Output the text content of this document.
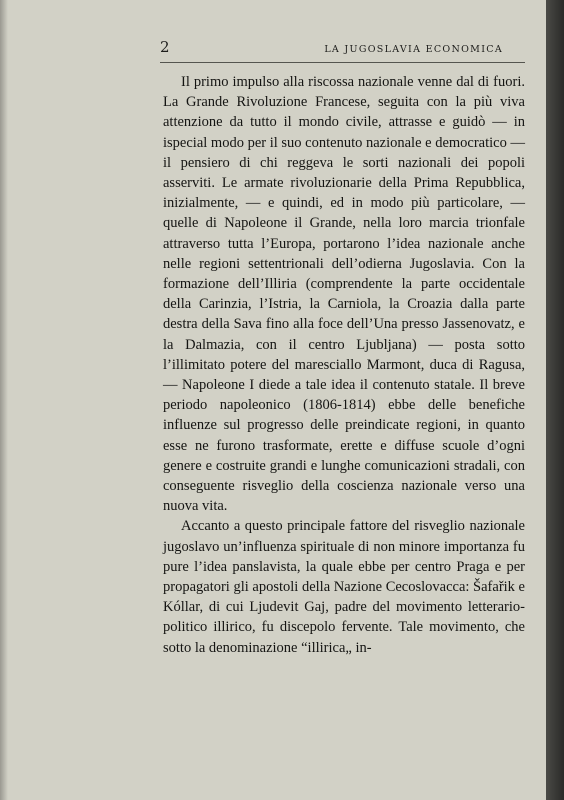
2	LA JUGOSLAVIA ECONOMICA

Il primo impulso alla riscossa nazionale venne dal di fuori. La Grande Rivoluzione Francese, seguita con la più viva attenzione da tutto il mondo civile, attrasse e guidò — in ispecial modo per il suo contenuto nazionale e democratico — il pensiero di chi reggeva le sorti nazionali dei popoli asserviti. Le armate rivoluzionarie della Prima Repubblica, inizialmente, — e quindi, ed in modo più particolare, — quelle di Napoleone il Grande, nella loro marcia trionfale attraverso tutta l’Europa, portarono l’idea nazionale anche nelle regioni settentrionali dell’odierna Jugoslavia. Con la formazione dell’Illiria (comprendente la parte occidentale della Carinzia, l’Istria, la Carniola, la Croazia dalla parte destra della Sava fino alla foce dell’Una presso Jassenovatz, e la Dalmazia, con il centro Ljubljana) — posta sotto l’illimitato potere del maresciallo Marmont, duca di Ragusa, — Napoleone I diede a tale idea il contenuto statale. Il breve periodo napoleonico (1806-1814) ebbe delle benefiche influenze sul progresso delle preindicate regioni, in quanto esse ne furono trasformate, erette e diffuse scuole d’ogni genere e costruite grandi e lunghe comunicazioni stradali, con conseguente risveglio della coscienza nazionale verso una nuova vita.

Accanto a questo principale fattore del risveglio nazionale jugoslavo un’influenza spirituale di non minore importanza fu pure l’idea panslavista, la quale ebbe per centro Praga e per propagatori gli apostoli della Nazione Cecoslovacca: Šafařik e Kóllar, di cui Ljudevit Gaj, padre del movimento letterario-politico illirico, fu discepolo fervente. Tale movimento, che sotto la denominazione “illirica„ in-
